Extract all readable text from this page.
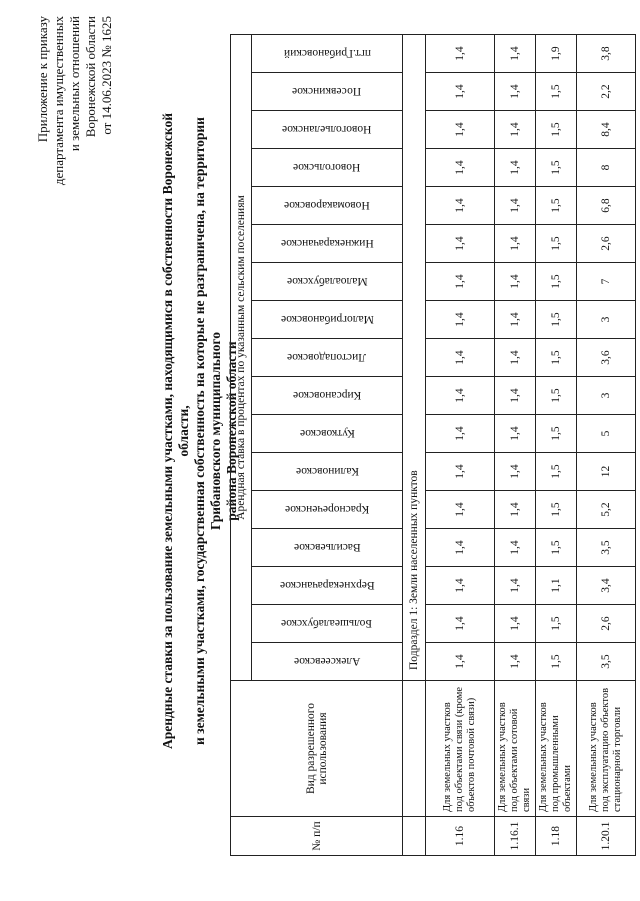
Приложение к приказу департамента имущественных и земельных отношений Воронежской области от 14.06.2023 № 1625
Арендные ставки за пользование земельными участками, находящимися в собственности Воронежской области, и земельными участками, государственная собственность на которые не разграничена, на территории Грибановского муниципального района Воронежской области
№ п/п	Вид разрешенного использования	Арендная ставка в процентах по указанным сельским поселениям																

		Алексеевское	Большеалабухское	Верхнекарачанское	Васильевское	Краснореченское	Калиновское	Кутковское	Кирсановское	Листопадовское	Малогрибановское	Малоалабухское	Нижнекарачанское	Новомакаровское	Новогольское	Новогольеланское	Посевкинское	пгт.Грибановский

		Подраздел 1: Земли населенных пунктов																
1.16	Для земельных участков под объектами связи (кроме объектов почтовой связи)	1,4	1,4	1,4	1,4	1,4	1,4	1,4	1,4	1,4	1,4	1,4	1,4	1,4	1,4	1,4	1,4	1,4
1.16.1	Для земельных участков под объектами сотовой связи	1,4	1,4	1,4	1,4	1,4	1,4	1,4	1,4	1,4	1,4	1,4	1,4	1,4	1,4	1,4	1,4	1,4
1.18	Для земельных участков под промышленными объектами	1,5	1,5	1,1	1,5	1,5	1,5	1,5	1,5	1,5	1,5	1,5	1,5	1,5	1,5	1,5	1,5	1,9
1.20.1	Для земельных участков под эксплуатацию объектов стационарной торговли	3,5	2,6	3,4	3,5	5,2	12	5	3	3,6	3	7	2,6	6,8	8	8,4	2,2	3,8
